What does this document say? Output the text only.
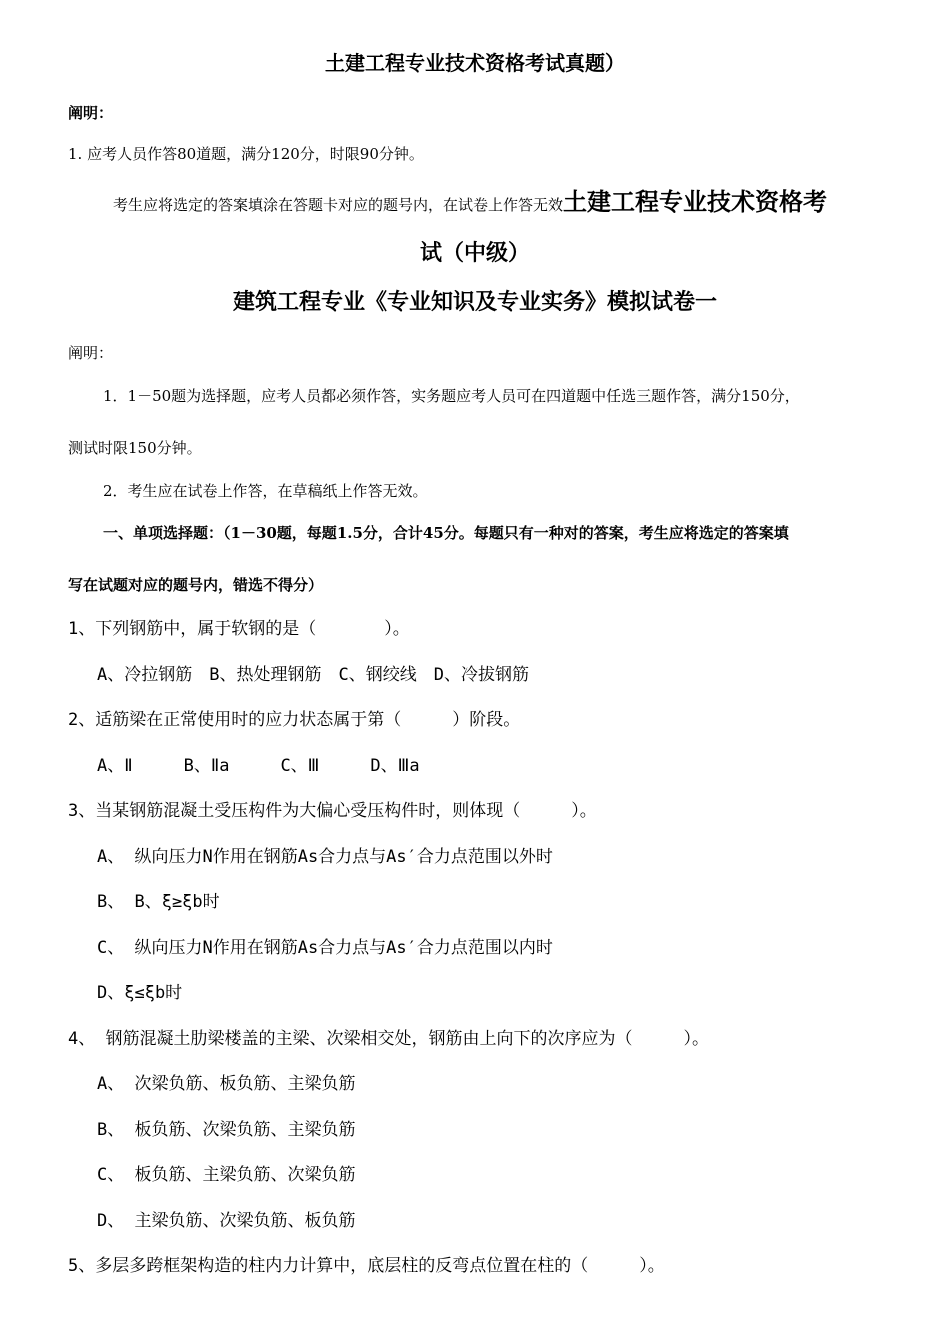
土建工程专业技术资格考试真题）
阐明：
1. 应考人员作答80道题，满分120分，时限90分钟。
考生应将选定的答案填涂在答题卡对应的题号内，在试卷上作答无效土建工程专业技术资格考
试（中级）
建筑工程专业《专业知识及专业实务》模拟试卷一
阐明：
1．1－50题为选择题，应考人员都必须作答，实务题应考人员可在四道题中任选三题作答，满分150分，
测试时限150分钟。
2．考生应在试卷上作答，在草稿纸上作答无效。
一、单项选择题：（1－30题，每题1.5分，合计45分。每题只有一种对的答案，考生应将选定的答案填
写在试题对应的题号内，错选不得分）
1、下列钢筋中，属于软钢的是（　　　　）。
A、冷拉钢筋　B、热处理钢筋　C、钢绞线　D、冷拔钢筋
2、适筋梁在正常使用时的应力状态属于第（　　　）阶段。
A、Ⅱ　　　B、Ⅱa　　　C、Ⅲ　　　D、Ⅲa
3、当某钢筋混凝土受压构件为大偏心受压构件时，则体现（　　　）。
A、 纵向压力N作用在钢筋As合力点与As′合力点范围以外时
B、 B、ξ≥ξb时
C、 纵向压力N作用在钢筋As合力点与As′合力点范围以内时
D、ξ≤ξb时
4、 钢筋混凝土肋梁楼盖的主梁、次梁相交处，钢筋由上向下的次序应为（　　　）。
A、 次梁负筋、板负筋、主梁负筋
B、 板负筋、次梁负筋、主梁负筋
C、 板负筋、主梁负筋、次梁负筋
D、 主梁负筋、次梁负筋、板负筋
5、多层多跨框架构造的柱内力计算中，底层柱的反弯点位置在柱的（　　　）。
